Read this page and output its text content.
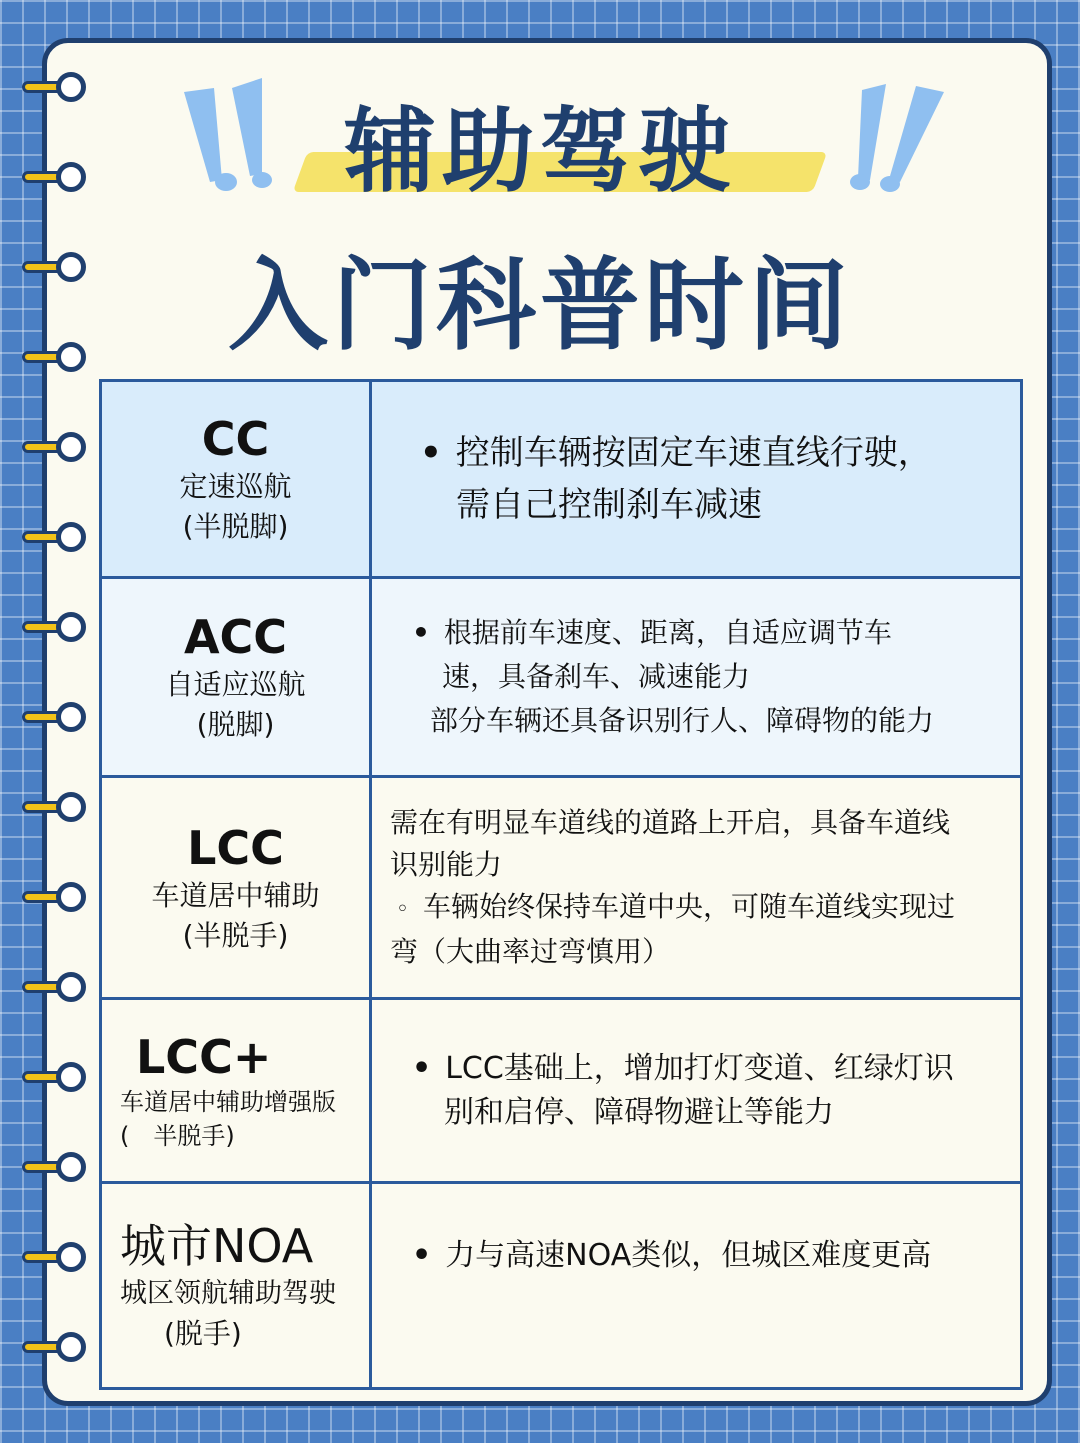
辅助驾驶
入门科普时间
CC
定速巡航
(半脱脚)	• 控制车辆按固定车速直线行驶，
需自己控制刹车减速

ACC
自适应巡航
(脱脚)	• 根据前车速度、距离，自适应调节车
速，具备刹车、减速能力
部分车辆还具备识别行人、障碍物的能力

LCC
车道居中辅助
(半脱手)	需在有明显车道线的道路上开启，具备车道线
识别能力
◦ 车辆始终保持车道中央，可随车道线实现过
弯（大曲率过弯慎用）

LCC+
车道居中辅助增强版
(　半脱手)	• LCC基础上，增加打灯变道、红绿灯识
别和启停、障碍物避让等能力

城市NOA
城区领航辅助驾驶
(脱手)	• 力与高速NOA类似，但城区难度更高
